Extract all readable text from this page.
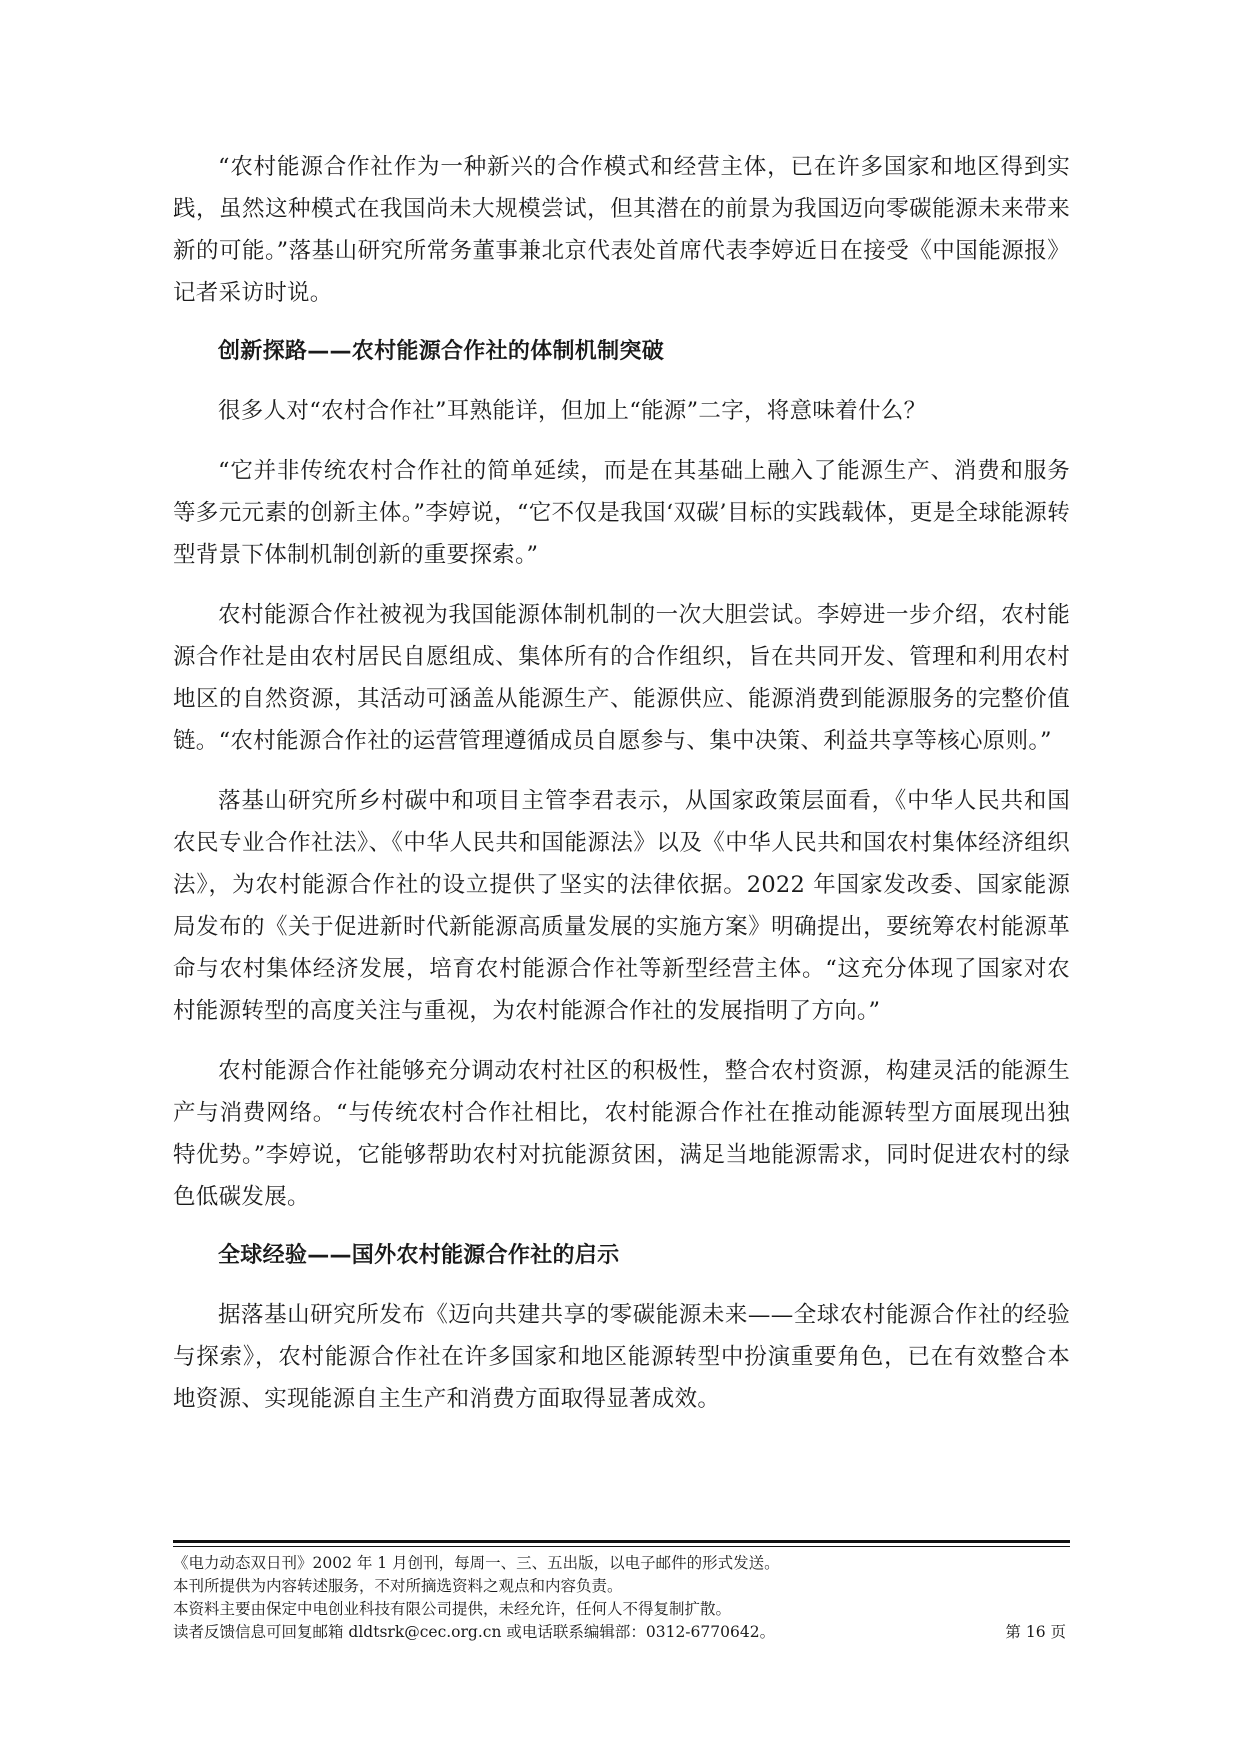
“农村能源合作社作为一种新兴的合作模式和经营主体，已在许多国家和地区得到实践，虽然这种模式在我国尚未大规模尝试，但其潜在的前景为我国迈向零碳能源未来带来新的可能。”落基山研究所常务董事兼北京代表处首席代表李婷近日在接受《中国能源报》记者采访时说。

创新探路——农村能源合作社的体制机制突破

很多人对“农村合作社”耳熟能详，但加上“能源”二字，将意味着什么？

“它并非传统农村合作社的简单延续，而是在其基础上融入了能源生产、消费和服务等多元元素的创新主体。”李婷说，“它不仅是我国‘双碳’目标的实践载体，更是全球能源转型背景下体制机制创新的重要探索。”

农村能源合作社被视为我国能源体制机制的一次大胆尝试。李婷进一步介绍，农村能源合作社是由农村居民自愿组成、集体所有的合作组织，旨在共同开发、管理和利用农村地区的自然资源，其活动可涵盖从能源生产、能源供应、能源消费到能源服务的完整价值链。“农村能源合作社的运营管理遵循成员自愿参与、集中决策、利益共享等核心原则。”

落基山研究所乡村碳中和项目主管李君表示，从国家政策层面看，《中华人民共和国农民专业合作社法》、《中华人民共和国能源法》以及《中华人民共和国农村集体经济组织法》，为农村能源合作社的设立提供了坚实的法律依据。2022 年国家发改委、国家能源局发布的《关于促进新时代新能源高质量发展的实施方案》明确提出，要统筹农村能源革命与农村集体经济发展，培育农村能源合作社等新型经营主体。“这充分体现了国家对农村能源转型的高度关注与重视，为农村能源合作社的发展指明了方向。”

农村能源合作社能够充分调动农村社区的积极性，整合农村资源，构建灵活的能源生产与消费网络。“与传统农村合作社相比，农村能源合作社在推动能源转型方面展现出独特优势。”李婷说，它能够帮助农村对抗能源贫困，满足当地能源需求，同时促进农村的绿色低碳发展。

全球经验——国外农村能源合作社的启示

据落基山研究所发布《迈向共建共享的零碳能源未来——全球农村能源合作社的经验与探索》，农村能源合作社在许多国家和地区能源转型中扮演重要角色，已在有效整合本地资源、实现能源自主生产和消费方面取得显著成效。

《电力动态双日刊》2002 年 1 月创刊，每周一、三、五出版，以电子邮件的形式发送。
本刊所提供为内容转述服务，不对所摘选资料之观点和内容负责。
本资料主要由保定中电创业科技有限公司提供，未经允许，任何人不得复制扩散。
读者反馈信息可回复邮箱 dldtsrk@cec.org.cn 或电话联系编辑部：0312-6770642。	第 16 页
